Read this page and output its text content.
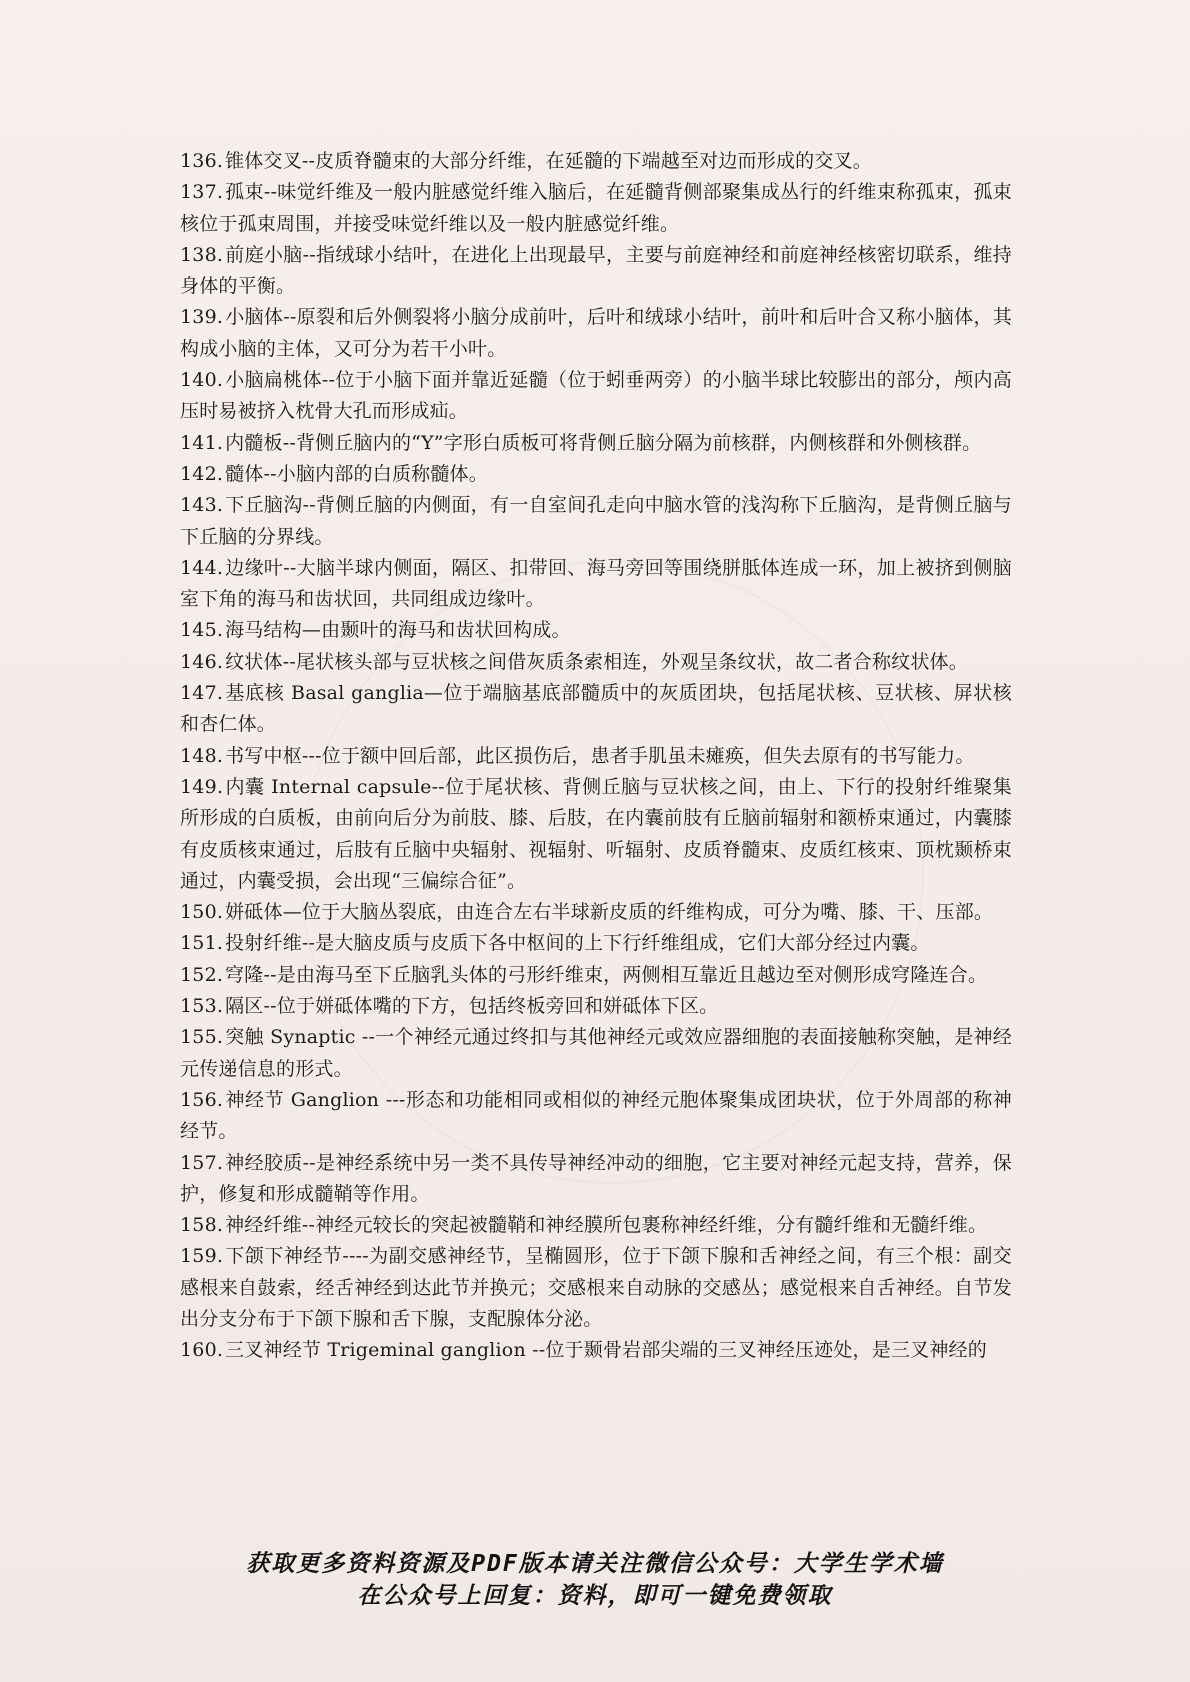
136. 锥体交叉--皮质脊髓束的大部分纤维，在延髓的下端越至对边而形成的交叉。

137. 孤束--味觉纤维及一般内脏感觉纤维入脑后，在延髓背侧部聚集成丛行的纤维束称孤束，孤束核位于孤束周围，并接受味觉纤维以及一般内脏感觉纤维。

138. 前庭小脑--指绒球小结叶，在进化上出现最早，主要与前庭神经和前庭神经核密切联系，维持身体的平衡。

139. 小脑体--原裂和后外侧裂将小脑分成前叶，后叶和绒球小结叶，前叶和后叶合又称小脑体，其构成小脑的主体，又可分为若干小叶。

140. 小脑扁桃体--位于小脑下面并靠近延髓（位于蚓垂两旁）的小脑半球比较膨出的部分，颅内高压时易被挤入枕骨大孔而形成疝。

141. 内髓板--背侧丘脑内的“Y”字形白质板可将背侧丘脑分隔为前核群，内侧核群和外侧核群。

142. 髓体--小脑内部的白质称髓体。

143. 下丘脑沟--背侧丘脑的内侧面，有一自室间孔走向中脑水管的浅沟称下丘脑沟，是背侧丘脑与下丘脑的分界线。

144. 边缘叶--大脑半球内侧面，隔区、扣带回、海马旁回等围绕胼胝体连成一环，加上被挤到侧脑室下角的海马和齿状回，共同组成边缘叶。

145. 海马结构—由颞叶的海马和齿状回构成。

146. 纹状体--尾状核头部与豆状核之间借灰质条索相连，外观呈条纹状，故二者合称纹状体。

147. 基底核 Basal ganglia—位于端脑基底部髓质中的灰质团块，包括尾状核、豆状核、屏状核和杏仁体。

148. 书写中枢---位于额中回后部，此区损伤后，患者手肌虽未瘫痪，但失去原有的书写能力。

149. 内囊 Internal capsule--位于尾状核、背侧丘脑与豆状核之间，由上、下行的投射纤维聚集所形成的白质板，由前向后分为前肢、膝、后肢，在内囊前肢有丘脑前辐射和额桥束通过，内囊膝有皮质核束通过，后肢有丘脑中央辐射、视辐射、听辐射、皮质脊髓束、皮质红核束、顶枕颞桥束通过，内囊受损，会出现“三偏综合征”。

150. 姘砥体—位于大脑丛裂底，由连合左右半球新皮质的纤维构成，可分为嘴、膝、干、压部。

151. 投射纤维--是大脑皮质与皮质下各中枢间的上下行纤维组成，它们大部分经过内囊。

152. 穹隆--是由海马至下丘脑乳头体的弓形纤维束，两侧相互靠近且越边至对侧形成穹隆连合。

153. 隔区--位于姘砥体嘴的下方，包括终板旁回和姘砥体下区。

155. 突触 Synaptic --一个神经元通过终扣与其他神经元或效应器细胞的表面接触称突触，是神经元传递信息的形式。

156. 神经节 Ganglion ---形态和功能相同或相似的神经元胞体聚集成团块状，位于外周部的称神经节。

157. 神经胶质--是神经系统中另一类不具传导神经冲动的细胞，它主要对神经元起支持，营养，保护，修复和形成髓鞘等作用。

158. 神经纤维--神经元较长的突起被髓鞘和神经膜所包裹称神经纤维，分有髓纤维和无髓纤维。

159. 下颌下神经节----为副交感神经节，呈椭圆形，位于下颌下腺和舌神经之间，有三个根：副交感根来自鼓索，经舌神经到达此节并换元；交感根来自动脉的交感丛；感觉根来自舌神经。自节发出分支分布于下颌下腺和舌下腺，支配腺体分泌。

160. 三叉神经节 Trigeminal ganglion --位于颞骨岩部尖端的三叉神经压迹处，是三叉神经的

获取更多资料资源及PDF版本请关注微信公众号：大学生学术墙
在公众号上回复：资料，即可一键免费领取
